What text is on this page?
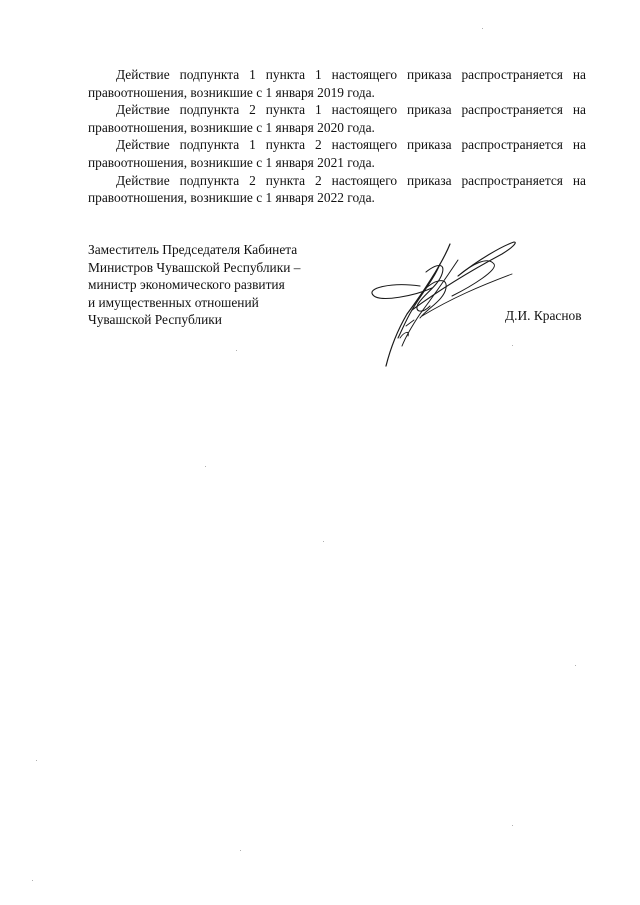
Действие подпункта 1 пункта 1 настоящего приказа распространяется на правоотношения, возникшие с 1 января 2019 года.

Действие подпункта 2 пункта 1 настоящего приказа распространяется на правоотношения, возникшие с 1 января 2020 года.

Действие подпункта 1 пункта 2 настоящего приказа распространяется на правоотношения, возникшие с 1 января 2021 года.

Действие подпункта 2 пункта 2 настоящего приказа распространяется на правоотношения, возникшие с 1 января 2022 года.

Заместитель Председателя Кабинета
Министров Чувашской Республики –
министр экономического развития
и имущественных отношений
Чувашской Республики	Д.И. Краснов
